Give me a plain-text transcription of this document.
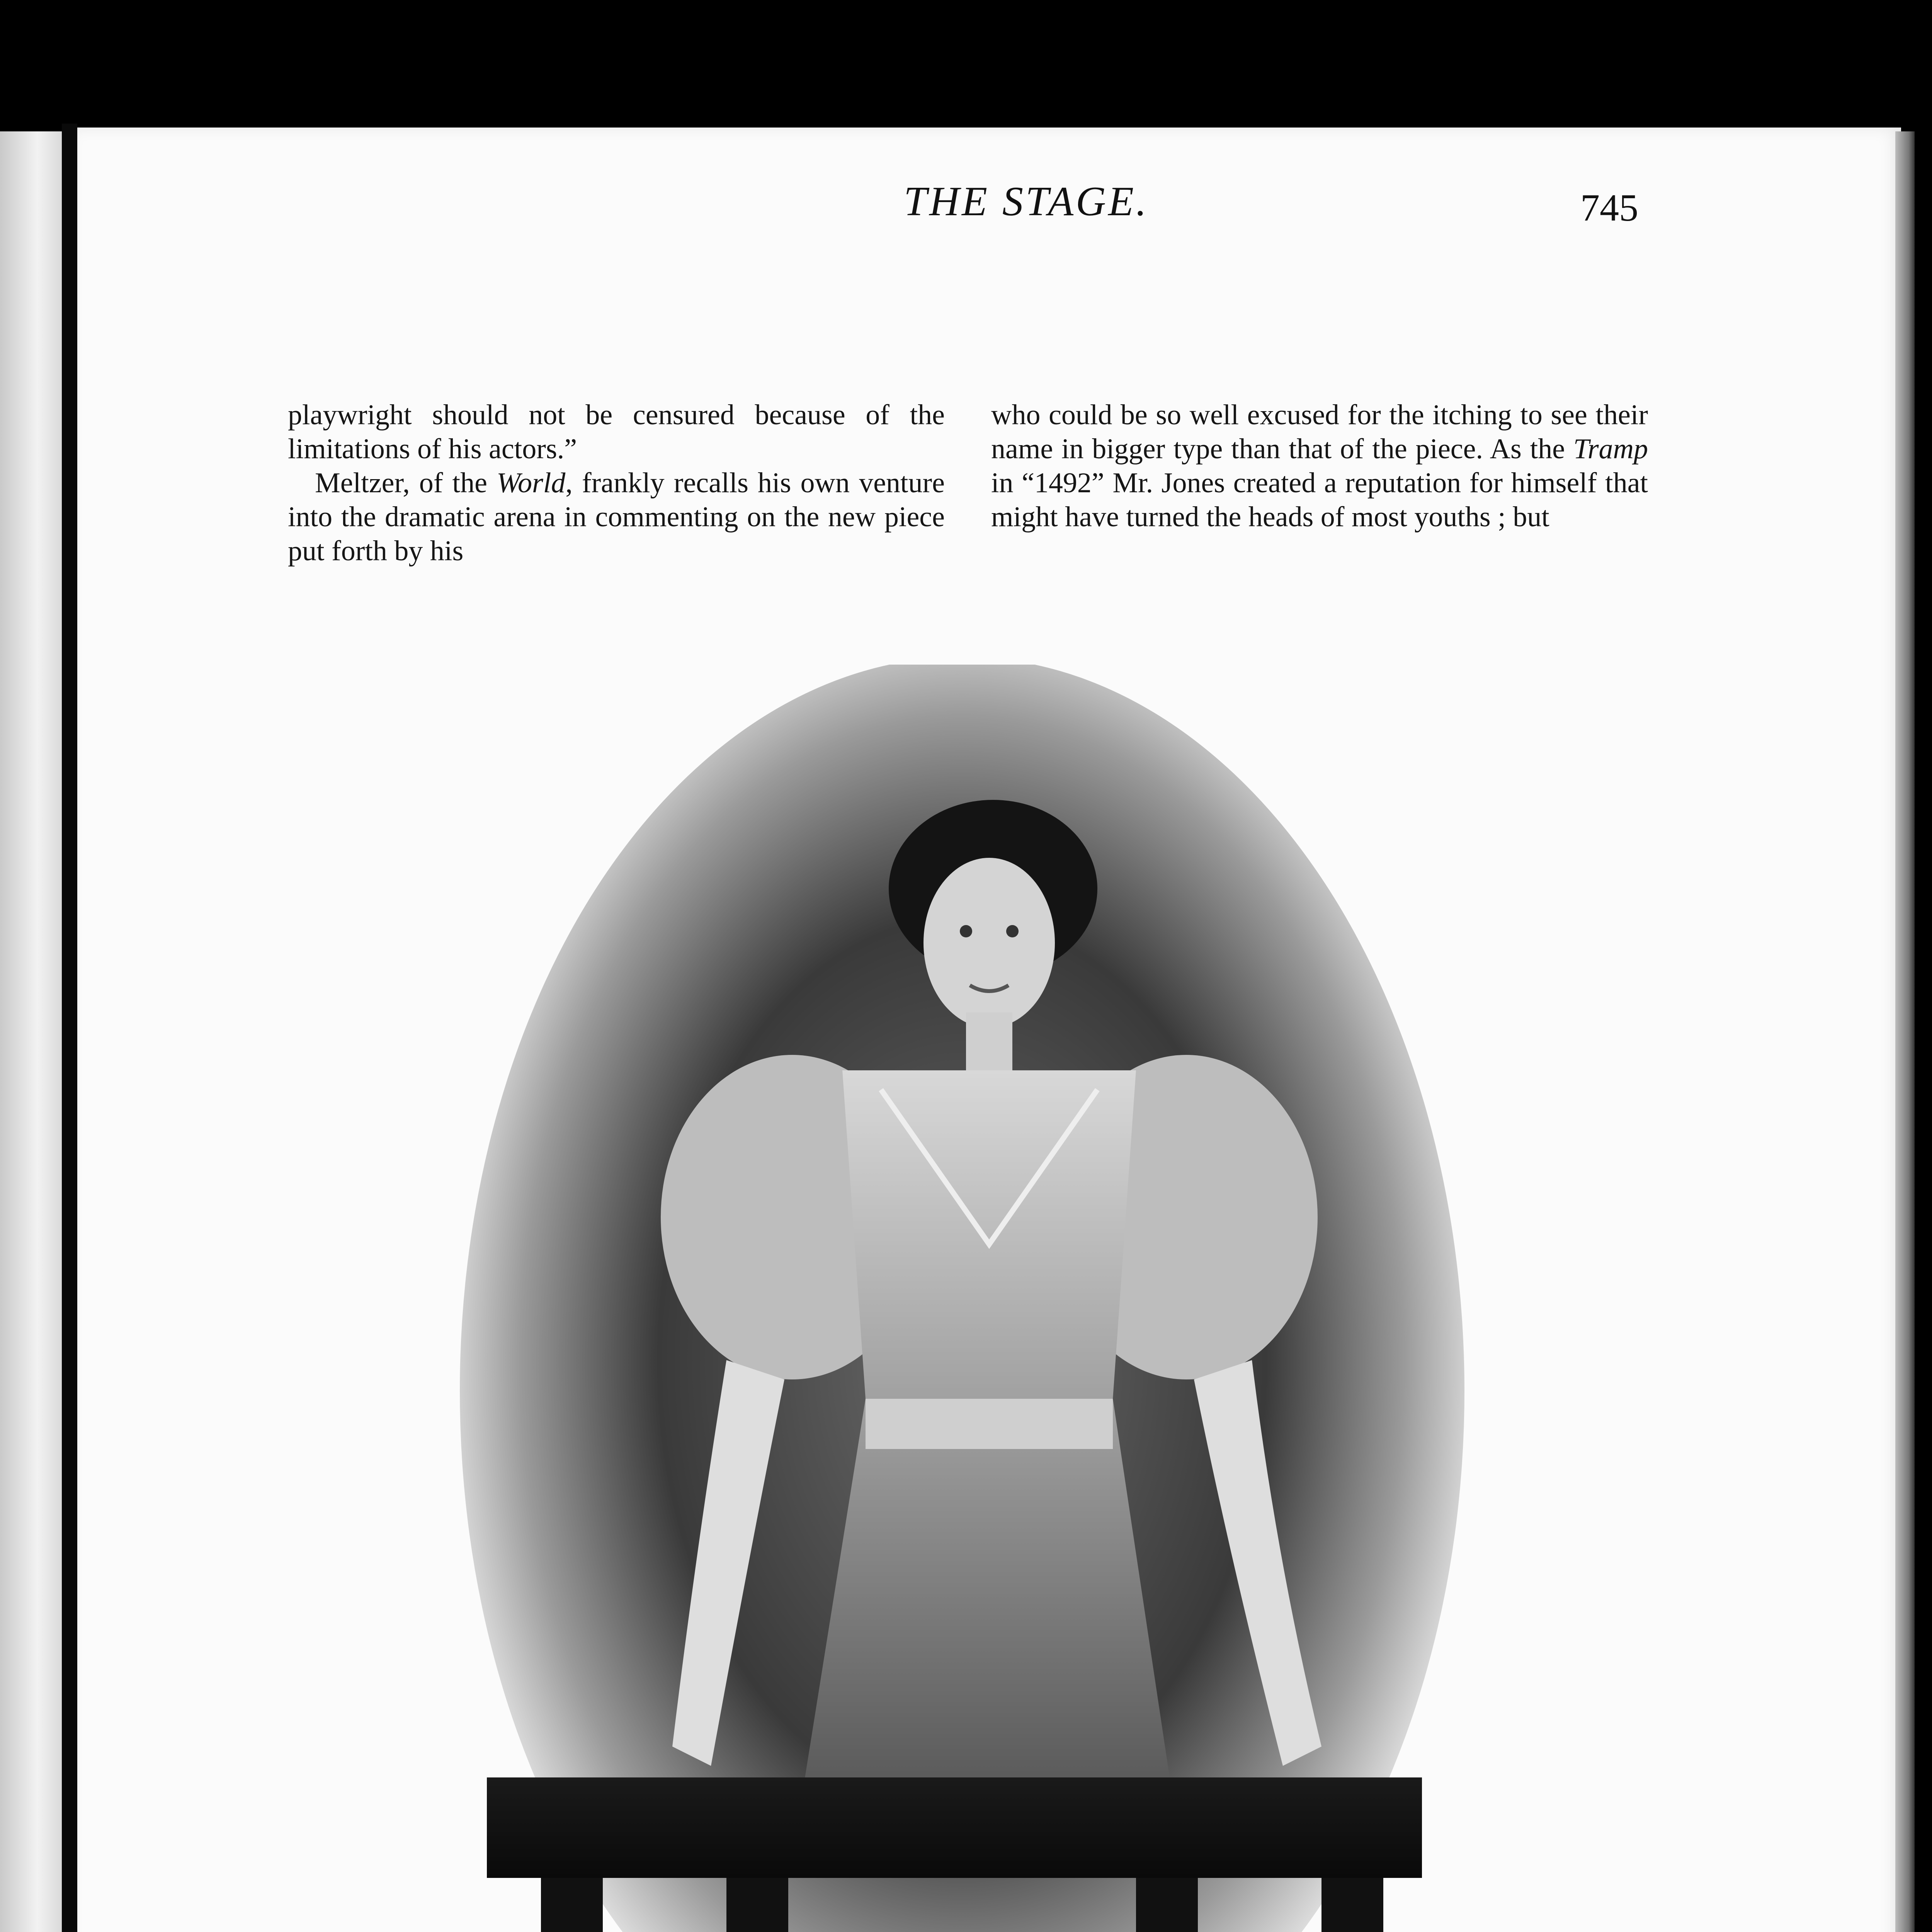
THE STAGE.	745

playwright should not be censured because of the limitations of his actors.”

Meltzer, of the World, frankly recalls his own venture into the dramatic arena in commenting on the new piece put forth by his

who could be so well excused for the itching to see their name in bigger type than that of the piece. As the Tramp in “1492” Mr. Jones created a reputation for himself that might have turned the heads of most youths ; but
